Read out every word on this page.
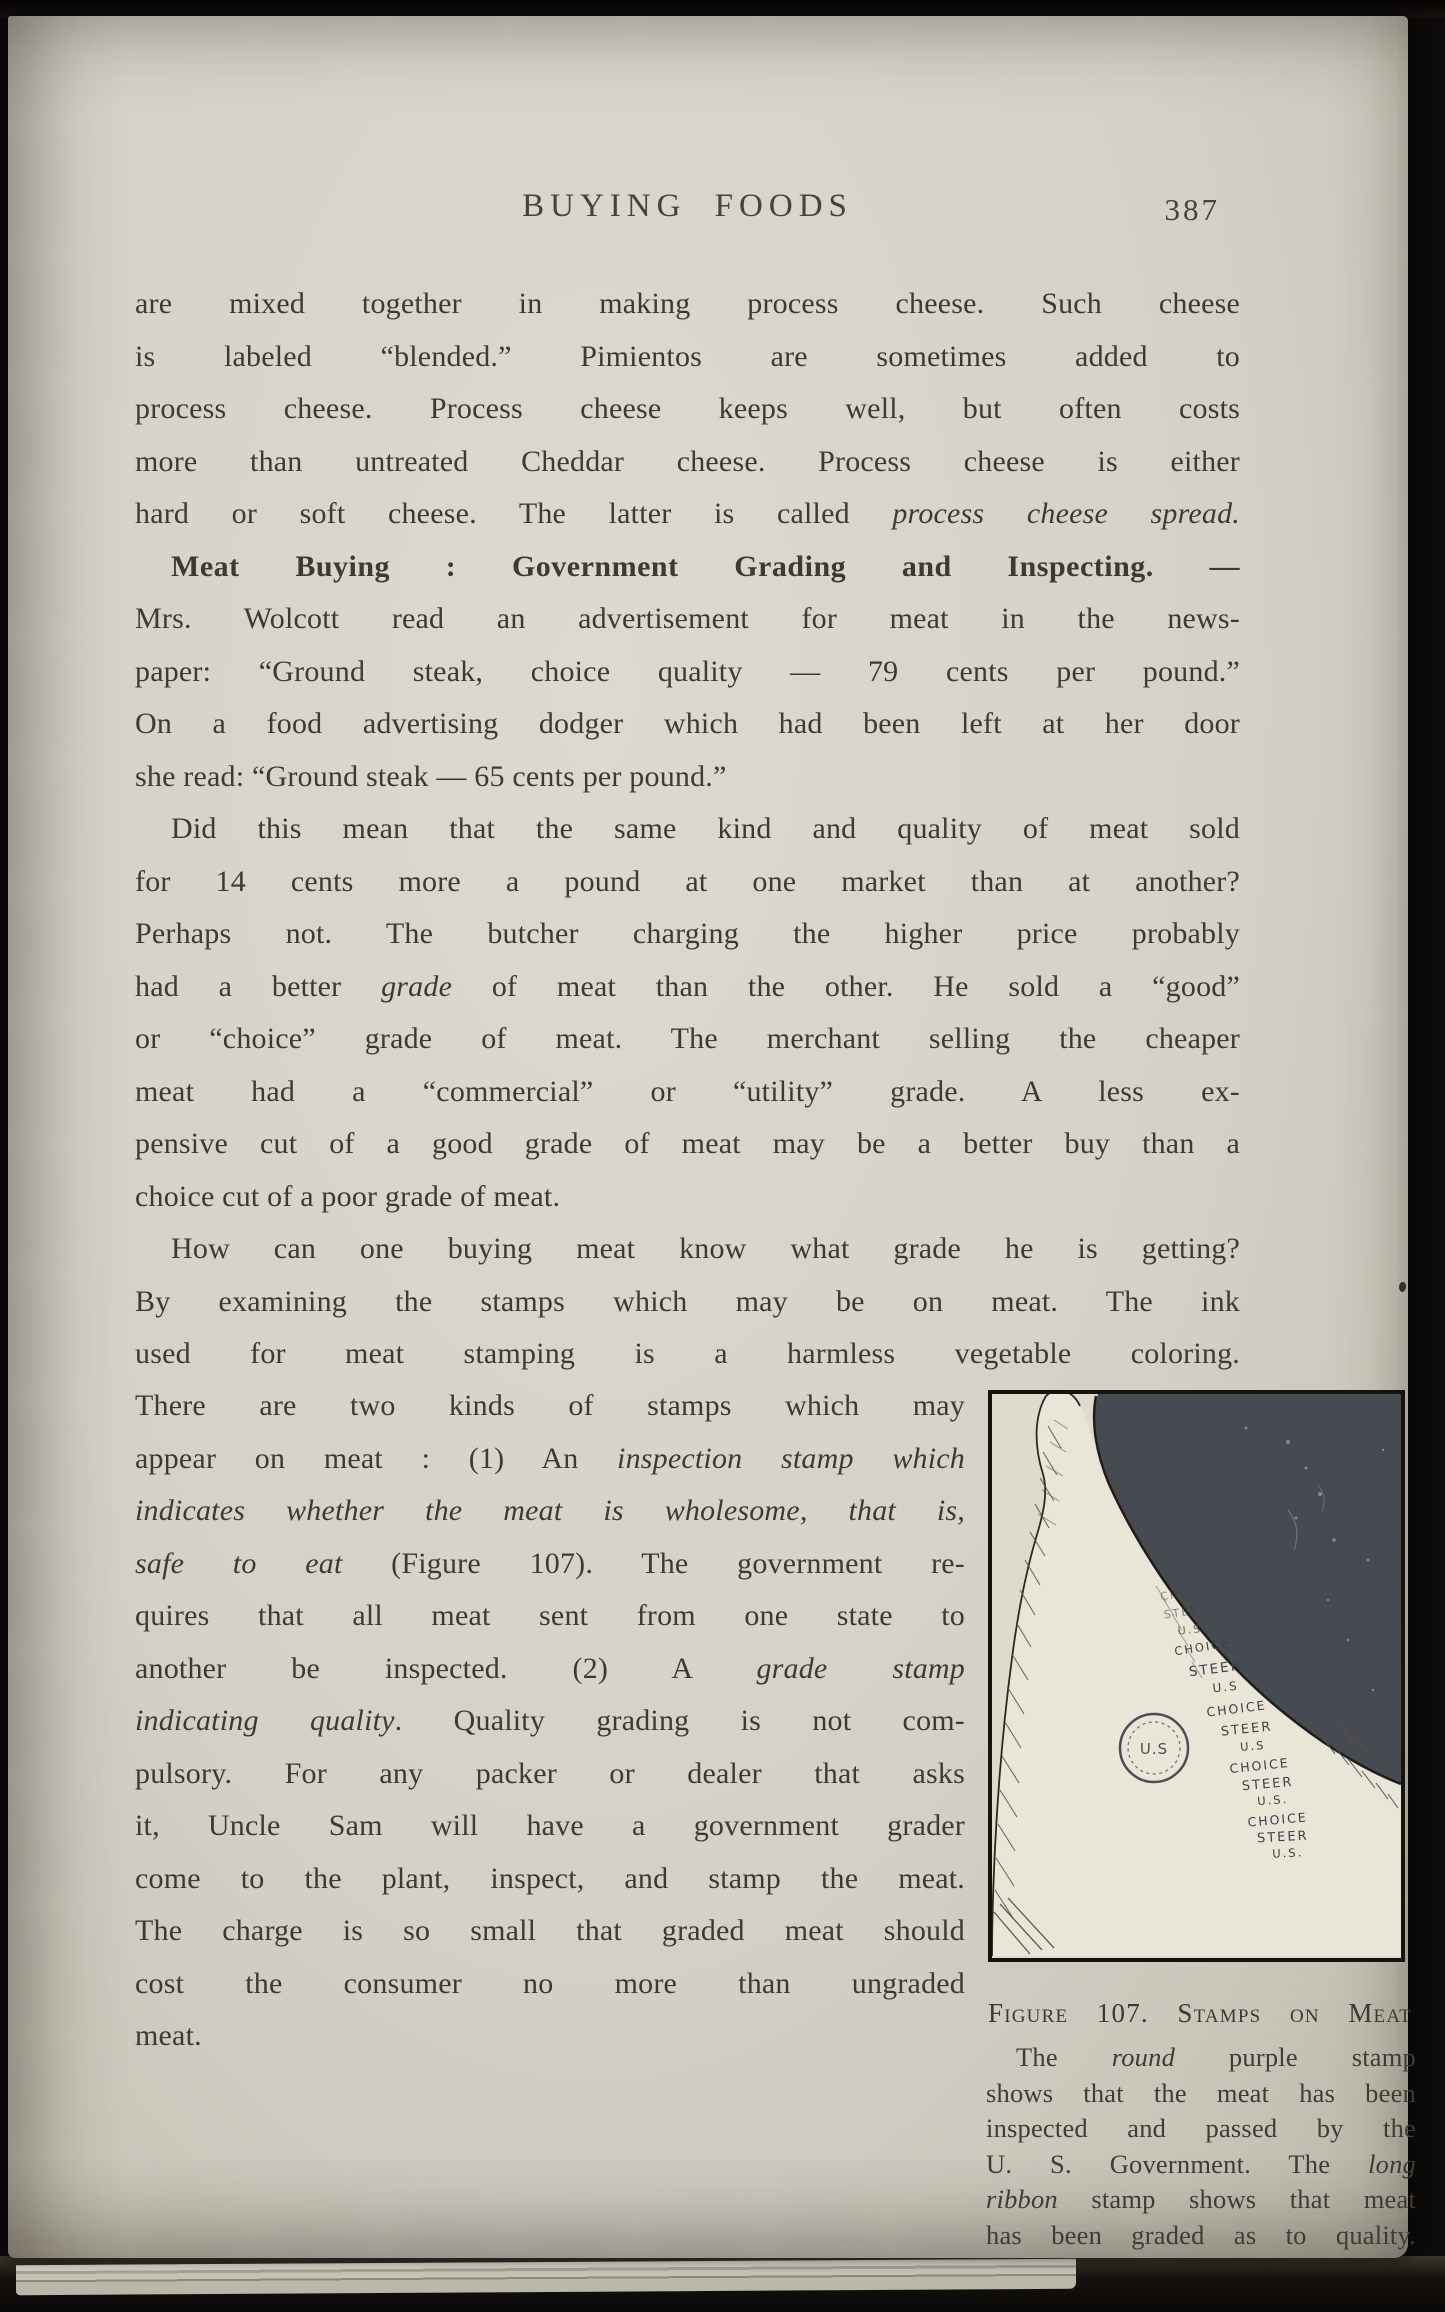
BUYING FOODS	387
are mixed together in making process cheese. Such cheese
is labeled “blended.” Pimientos are sometimes added to
process cheese. Process cheese keeps well, but often costs
more than untreated Cheddar cheese. Process cheese is either
hard or soft cheese. The latter is called process cheese spread.
Meat Buying : Government Grading and Inspecting. —
Mrs. Wolcott read an advertisement for meat in the news-
paper: “Ground steak, choice quality — 79 cents per pound.”
On a food advertising dodger which had been left at her door
she read: “Ground steak — 65 cents per pound.”
Did this mean that the same kind and quality of meat sold
for 14 cents more a pound at one market than at another?
Perhaps not. The butcher charging the higher price probably
had a better grade of meat than the other. He sold a “good”
or “choice” grade of meat. The merchant selling the cheaper
meat had a “commercial” or “utility” grade. A less ex-
pensive cut of a good grade of meat may be a better buy than a
choice cut of a poor grade of meat.
How can one buying meat know what grade he is getting?
By examining the stamps which may be on meat. The ink
used for meat stamping is a harmless vegetable coloring.
There are two kinds of stamps which may
appear on meat : (1) An inspection stamp which
indicates whether the meat is wholesome, that is,
safe to eat (Figure 107). The government re-
quires that all meat sent from one state to
another be inspected. (2) A grade stamp
indicating quality. Quality grading is not com-
pulsory. For any packer or dealer that asks
it, Uncle Sam will have a government grader
come to the plant, inspect, and stamp the meat.
The charge is so small that graded meat should
cost the consumer no more than ungraded
meat.
CHO
STEE
U.S.
CHOICE
STEER
U.S
CHOICE
STEER
U.S
CHOICE
STEER
U.S.
CHOICE
STEER
U.S.
U.S
Figure 107. Stamps on Meat
The round purple stamp
shows that the meat has been
inspected and passed by the
U. S. Government. The long
ribbon stamp shows that meat
has been graded as to quality.
